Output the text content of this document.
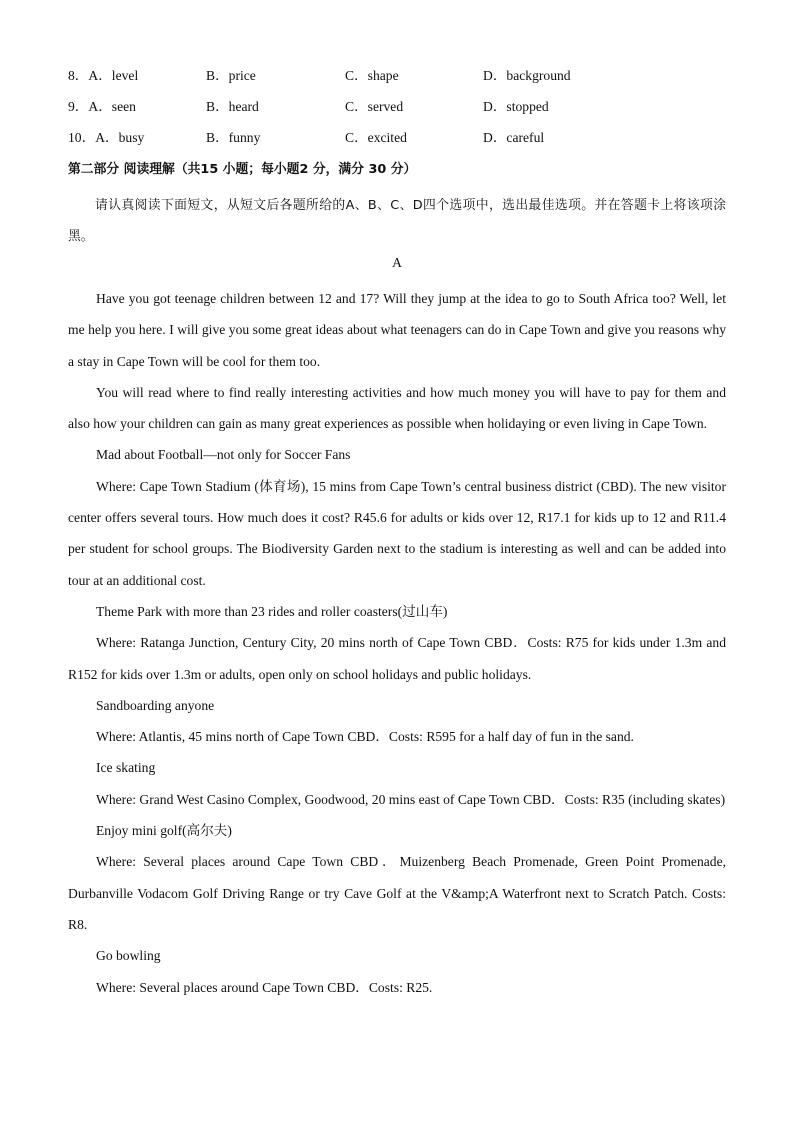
8．A．level	B．price	C．shape	D．background
9．A．seen	B．heard	C．served	D．stopped
10．A．busy	B．funny	C．excited	D．careful
第二部分 阅读理解（共15 小题；每小题2 分，满分 30 分）
请认真阅读下面短文，从短文后各题所给的A、B、C、D四个选项中，选出最佳选项。并在答题卡上将该项涂黑。
A

Have you got teenage children between 12 and 17? Will they jump at the idea to go to South Africa too? Well, let me help you here. I will give you some great ideas about what teenagers can do in Cape Town and give you reasons why a stay in Cape Town will be cool for them too.

You will read where to find really interesting activities and how much money you will have to pay for them and also how your children can gain as many great experiences as possible when holidaying or even living in Cape Town.

Mad about Football—not only for Soccer Fans

Where: Cape Town Stadium (体育场), 15 mins from Cape Town’s central business district (CBD). The new visitor center offers several tours. How much does it cost? R45.6 for adults or kids over 12, R17.1 for kids up to 12 and R11.4 per student for school groups. The Biodiversity Garden next to the stadium is interesting as well and can be added into tour at an additional cost.

Theme Park with more than 23 rides and roller coasters(过山车)

Where: Ratanga Junction, Century City, 20 mins north of Cape Town CBD．Costs: R75 for kids under 1.3m and R152 for kids over 1.3m or adults, open only on school holidays and public holidays.

Sandboarding anyone

Where: Atlantis, 45 mins north of Cape Town CBD．Costs: R595 for a half day of fun in the sand.

Ice skating

Where: Grand West Casino Complex, Goodwood, 20 mins east of Cape Town CBD．Costs: R35 (including skates)

Enjoy mini golf(高尔夫)

Where: Several places around Cape Town CBD．Muizenberg Beach Promenade, Green Point Promenade, Durbanville Vodacom Golf Driving Range or try Cave Golf at the V&amp;A Waterfront next to Scratch Patch. Costs: R8.

Go bowling

Where: Several places around Cape Town CBD．Costs: R25.
